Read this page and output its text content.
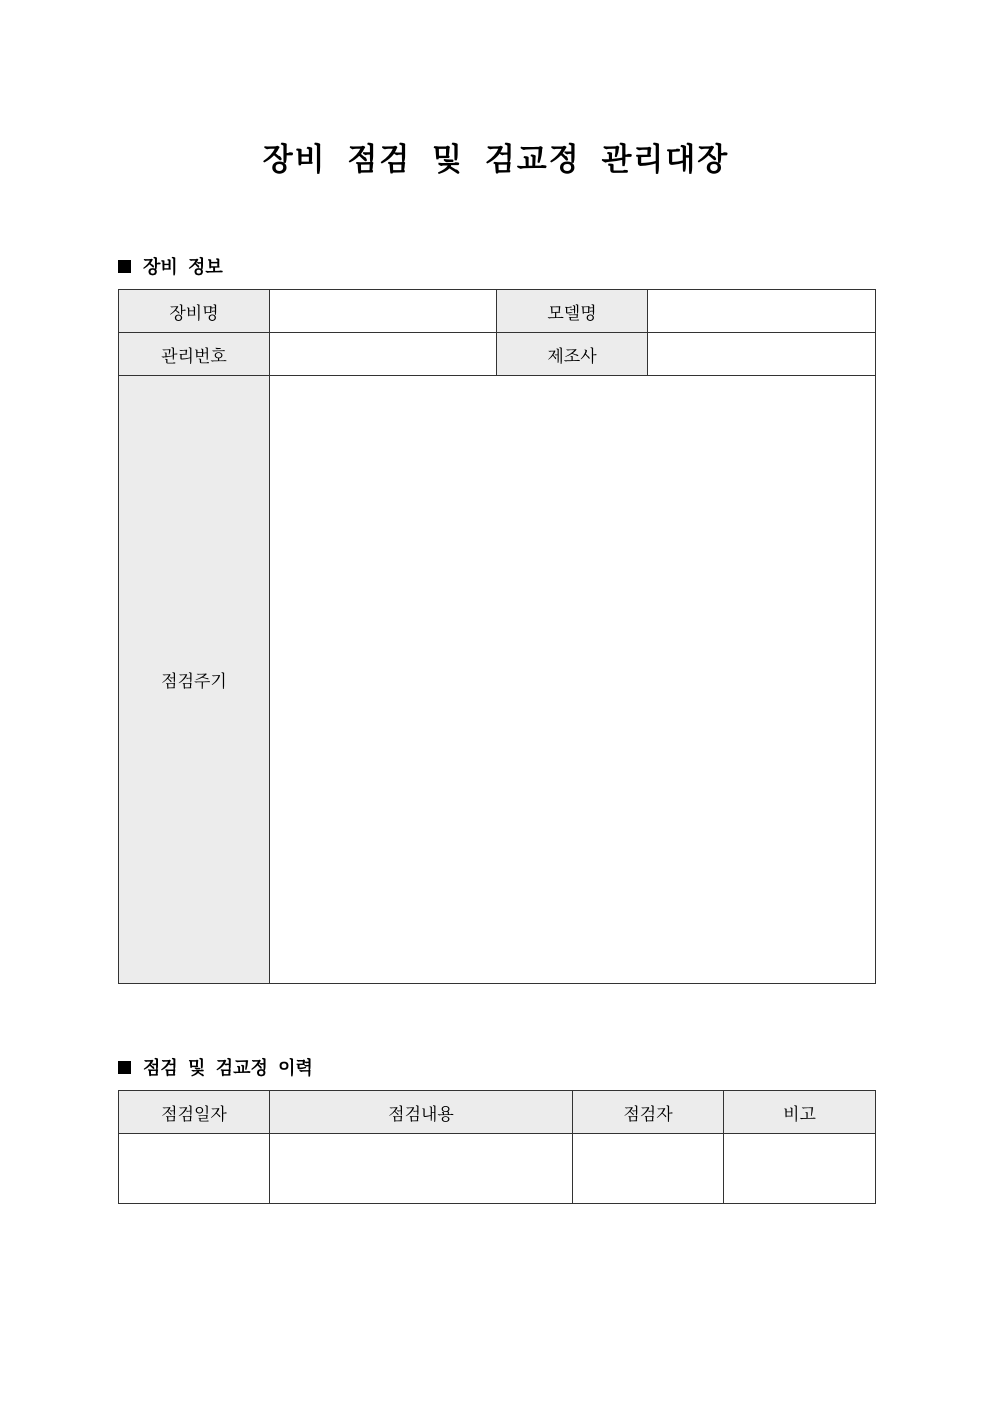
장비 점검 및 검교정 관리대장
장비 정보
장비명		모델명	
관리번호		제조사	
점검주기			
점검 및 검교정 이력
점검일자	점검내용	점검자	비고
